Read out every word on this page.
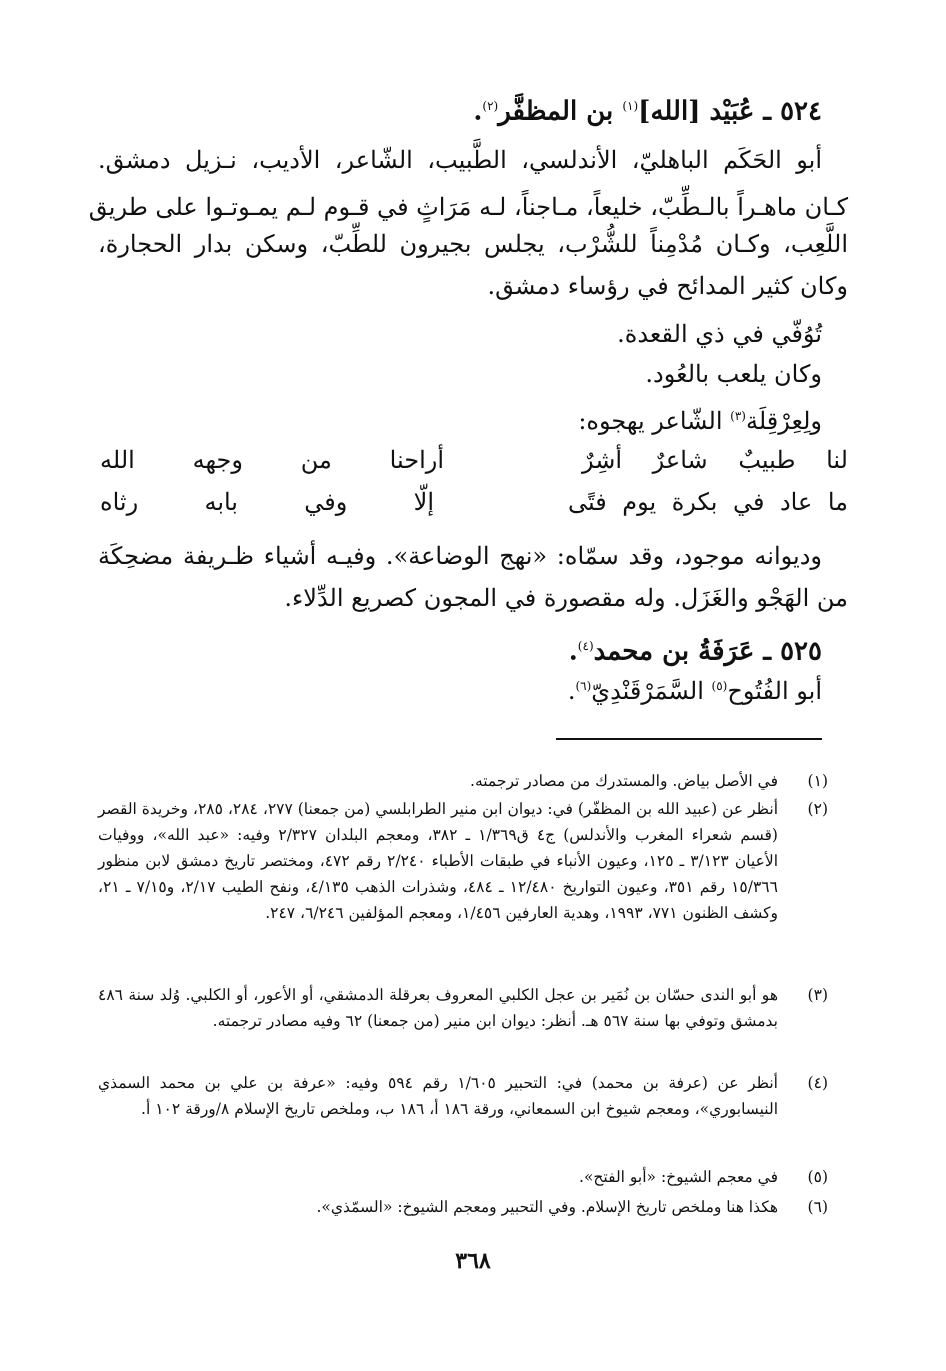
٥٢٤ ـ عُبَيْد [الله]$^{(١)}$ بن المظفَّر$^{(٢)}$.
أبو الحَكَم الباهليّ، الأندلسي، الطَّبيب، الشّاعر، الأديب، نـزيل دمشق.
كـان ماهـراً بالـطِّبّ، خليعاً، مـاجناً، لـه مَرَاثٍ في قـوم لـم يمـوتـوا على طريق
اللَّعِب، وكـان مُدْمِناً للشُّرْب، يجلس بجيرون للطِّبّ، وسكن بدار الحجارة،
وكان كثير المدائح في رؤساء دمشق.
تُوُفّي في ذي القعدة.
وكان يلعب بالعُود.
ولِعِرْقِلَة$^{(٣)}$ الشّاعر يهجوه:
لنا طبيبٌ شاعرٌ أشِرٌ
أراحنا من وجهه الله
ما عاد في بكرة يوم فتًى
إلّا وفي بابه رثاه
وديوانه موجود، وقد سمّاه: «نهج الوضاعة». وفيـه أشياء ظـريفة مضحِكَة
من الهَجْو والغَزَل. وله مقصورة في المجون كصريع الدِّلاء.
٥٢٥ ـ عَرَفَةُ بن محمد$^{(٤)}$.
أبو الفُتُوح$^{(٥)}$ السَّمَرْقَنْدِيّ$^{(٦)}$.
(١)
في الأصل بياض. والمستدرك من مصادر ترجمته.
(٢)
أنظر عن (عبيد الله بن المظفّر) في: ديوان ابن منير الطرابلسي (من جمعنا) ٢٧٧، ٢٨٤، ٢٨٥، وخريدة القصر (قسم شعراء المغرب والأندلس) ج٤ ق١/٣٦٩ ـ ٣٨٢، ومعجم البلدان ٢/٣٢٧ وفيه: «عبد الله»، ووفيات الأعيان ٣/١٢٣ ـ ١٢٥، وعيون الأنباء في طبقات الأطباء ٢/٢٤٠ رقم ٤٧٢، ومختصر تاريخ دمشق لابن منظور ١٥/٣٦٦ رقم ٣٥١، وعيون التواريخ ١٢/٤٨٠ ـ ٤٨٤، وشذرات الذهب ٤/١٣٥، ونفح الطيب ٢/١٧، و٧/١٥ ـ ٢١، وكشف الظنون ٧٧١، ١٩٩٣، وهدية العارفين ١/٤٥٦، ومعجم المؤلفين ٦/٢٤٦، ٢٤٧.
(٣)
هو أبو الندى حسّان بن نُمَير بن عجل الكلبي المعروف بعرقلة الدمشقي، أو الأعور، أو الكلبي. وُلد سنة ٤٨٦ بدمشق وتوفي بها سنة ٥٦٧ هـ. أنظر: ديوان ابن منير (من جمعنا) ٦٢ وفيه مصادر ترجمته.
(٤)
أنظر عن (عرفة بن محمد) في: التحبير ١/٦٠٥ رقم ٥٩٤ وفيه: «عرفة بن علي بن محمد السمذي النيسابوري»، ومعجم شيوخ ابن السمعاني، ورقة ١٨٦ أ، ١٨٦ ب، وملخص تاريخ الإسلام ٨/ورقة ١٠٢ أ.
(٥)
في معجم الشيوخ: «أبو الفتح».
(٦)
هكذا هنا وملخص تاريخ الإسلام. وفي التحبير ومعجم الشيوخ: «السمّذي».
٣٦٨
